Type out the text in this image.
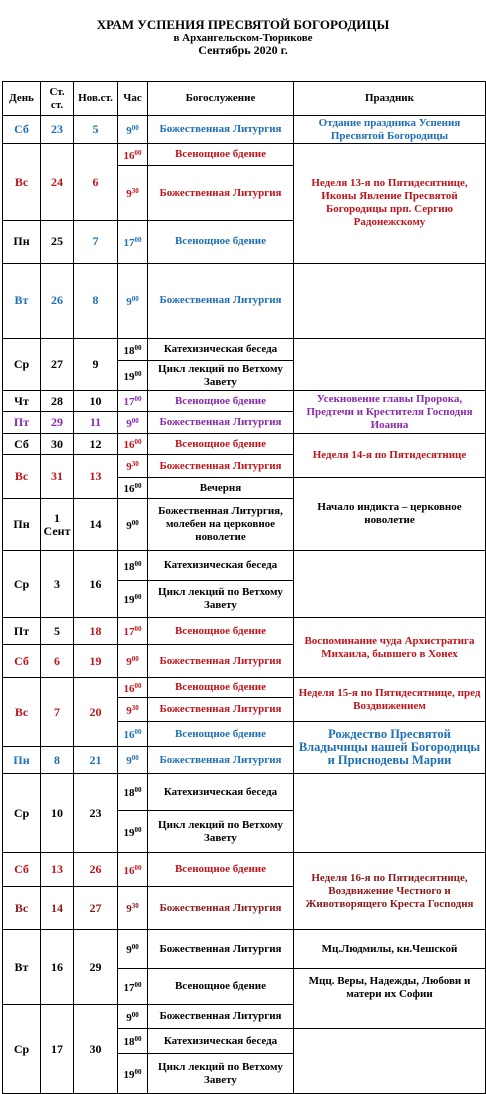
ХРАМ УСПЕНИЯ ПРЕСВЯТОЙ БОГОРОДИЦЫ
в Архангельском-Тюрикове
Сентябрь 2020 г.
День	Ст. ст.	Нов.ст.	Час	Богослужение	Праздник	
Сб	23	5	$9^{00}$	Божественная Литургия	Отдание праздника Успения Пресвятой Богородицы	
Вс	24	6	$16^{00}$	Всенощное бдение	Неделя 13-я по Пятидесятнице, Иконы Явление Пресвятой Богородицы прп. Сергию Радонежскому	
			$9^{30}$	Божественная Литургия		
Пн	25	7	$17^{00}$	Всенощное бдение	

Вт	26	8	$9^{00}$	Божественная Литургия		
Ср	27	9	$18^{00}$	Катехизическая беседа		
			$19^{00}$	Цикл лекций по Ветхому Завету		
Чт	28	10	$17^{00}$	Всенощное бдение	Усекновение главы Пророка, Предтечи и Крестителя Господня Иоанна	
Пт	29	11	$9^{00}$	Божественная Литургия		
Сб	30	12	$16^{00}$	Всенощное бдение	Неделя 14-я по Пятидесятнице	
Вс	31	13	$9^{30}$	Божественная Литургия		
			$16^{00}$	Вечерня	Начало индикта – церковное новолетие	
Пн	1 Сент	14	$9^{00}$	Божественная Литургия, молебен на церковное новолетие		
Ср	3	16	$18^{00}$	Катехизическая беседа		
			$19^{00}$	Цикл лекций по Ветхому Завету		
Пт	5	18	$17^{00}$	Всенощное бдение	Воспоминание чуда Архистратига Михаила, бывшего в Хонех	
Сб	6	19	$9^{00}$	Божественная Литургия		
Вс	7	20	$16^{00}$	Всенощное бдение	Неделя 15-я по Пятидесятнице, пред Воздвижением	
			$9^{30}$	Божественная Литургия		
			$16^{00}$	Всенощное бдение	Рождество Пресвятой Владычицы нашей Богородицы и Приснодевы Марии	
Пн	8	21	$9^{00}$	Божественная Литургия		
Ср	10	23	$18^{00}$	Катехизическая беседа		
			$19^{00}$	Цикл лекций по Ветхому Завету		
Сб	13	26	$16^{00}$	Всенощное бдение	Неделя 16-я по Пятидесятнице, Воздвижение Честного и Животворящего Креста Господня	
Вс	14	27	$9^{30}$	Божественная Литургия		
Вт	16	29	$9^{00}$	Божественная Литургия	Мц.Людмилы, кн.Чешской	
			$17^{00}$	Всенощное бдение	Мцц. Веры, Надежды, Любови и матери их Софии	
Ср	17	30	$9^{00}$	Божественная Литургия		
			$18^{00}$	Катехизическая беседа		
			$19^{00}$	Цикл лекций по Ветхому Завету		
